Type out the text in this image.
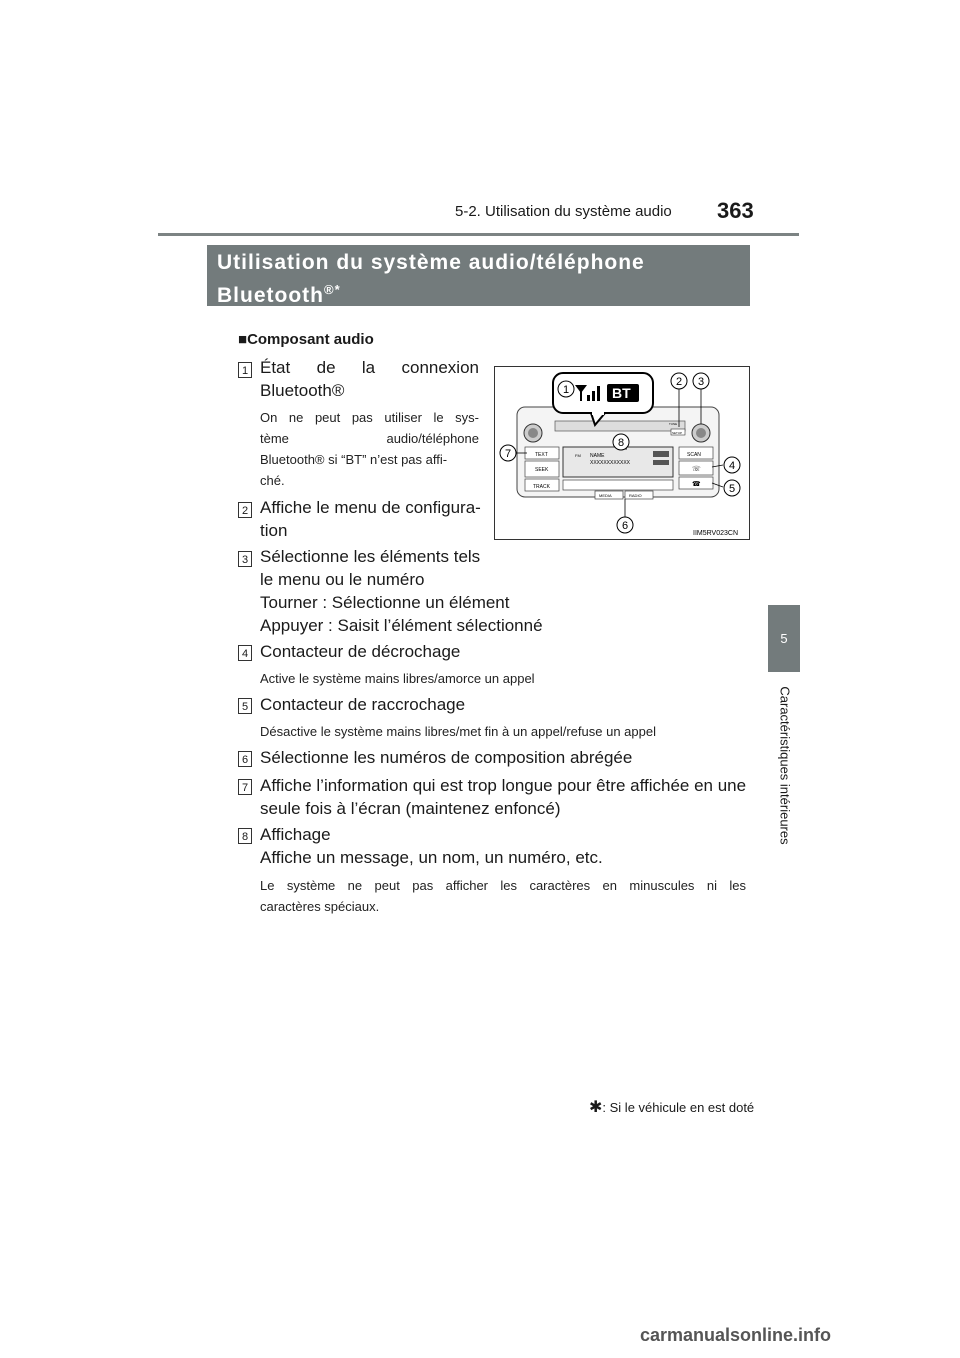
5-2. Utilisation du système audio 363
Utilisation du système audio/téléphone
Bluetooth®*
5
Caractéristiques intérieures
■Composant audio
1 État de la connexion
Bluetooth®
On ne peut pas utiliser le sys-
tème audio/téléphone
Bluetooth® si “BT” n’est pas affi-
ché.
2 Affiche le menu de configura-
tion
3 Sélectionne les éléments tels
le menu ou le numéro
Tourner : Sélectionne un élément
Appuyer : Saisit l’élément sélectionné
4 Contacteur de décrochage
Active le système mains libres/amorce un appel
5 Contacteur de raccrochage
Désactive le système mains libres/met fin à un appel/refuse un appel
6 Sélectionne les numéros de composition abrégée
7 Affiche l’information qui est trop longue pour être affichée en une
seule fois à l’écran (maintenez enfoncé)
8 Affichage
Affiche un message, un nom, un numéro, etc.
Le système ne peut pas afficher les caractères en minuscules ni les
caractères spéciaux.
TEXT
SEEK
TRACK
FM NAME
XXXXXXXXXXXX
SCAN
☏
☎
MEDIA	RADIO
SETUP
TUNE
BT
1
2 3
4
5
6
7
8
IIM5RV023CN
✱: Si le véhicule en est doté
carmanualsonline.info
